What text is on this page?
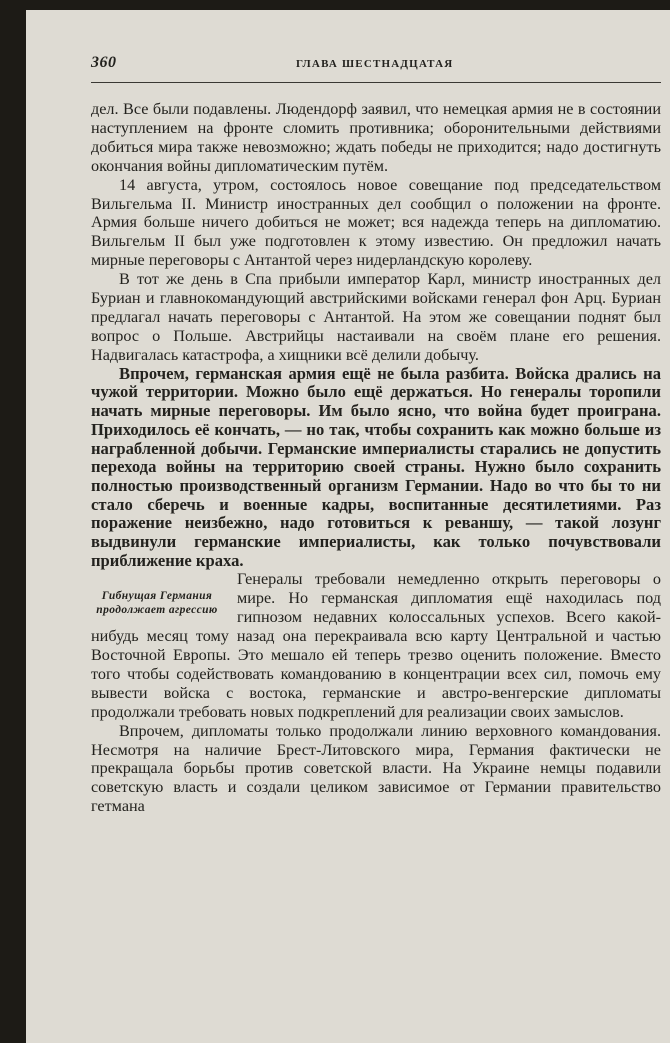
360	ГЛАВА ШЕСТНАДЦАТАЯ

дел. Все были подавлены. Людендорф заявил, что немецкая армия не в состоянии наступлением на фронте сломить противника; оборонительными действиями добиться мира также невозможно; ждать победы не приходится; надо достигнуть окончания войны дипломатическим путём.

14 августа, утром, состоялось новое совещание под председательством Вильгельма II. Министр иностранных дел сообщил о положении на фронте. Армия больше ничего добиться не может; вся надежда теперь на дипломатию. Вильгельм II был уже подготовлен к этому известию. Он предложил начать мирные переговоры с Антантой через нидерландскую королеву.

В тот же день в Спа прибыли император Карл, министр иностранных дел Буриан и главнокомандующий австрийскими войсками генерал фон Арц. Буриан предлагал начать переговоры с Антантой. На этом же совещании поднят был вопрос о Польше. Австрийцы настаивали на своём плане его решения. Надвигалась катастрофа, а хищники всё делили добычу.

Впрочем, германская армия ещё не была разбита. Войска дрались на чужой территории. Можно было ещё держаться. Но генералы торопили начать мирные переговоры. Им было ясно, что война будет проиграна. Приходилось её кончать, — но так, чтобы сохранить как можно больше из награбленной добычи. Германские империалисты старались не допустить перехода войны на территорию своей страны. Нужно было сохранить полностью производственный организм Германии. Надо во что бы то ни стало сберечь и военные кадры, воспитанные десятилетиями. Раз поражение неизбежно, надо готовиться к реваншу, — такой лозунг выдвинули германские империалисты, как только почувствовали приближение краха.

Гибнущая Германия продолжает агрессию

Генералы требовали немедленно открыть переговоры о мире. Но германская дипломатия ещё находилась под гипнозом недавних колоссальных успехов. Всего какой-нибудь месяц тому назад она перекраивала всю карту Центральной и частью Восточной Европы. Это мешало ей теперь трезво оценить положение. Вместо того чтобы содействовать командованию в концентрации всех сил, помочь ему вывести войска с востока, германские и австро-венгерские дипломаты продолжали требовать новых подкреплений для реализации своих замыслов.

Впрочем, дипломаты только продолжали линию верховного командования. Несмотря на наличие Брест-Литовского мира, Германия фактически не прекращала борьбы против советской власти. На Украине немцы подавили советскую власть и создали целиком зависимое от Германии правительство гетмана
